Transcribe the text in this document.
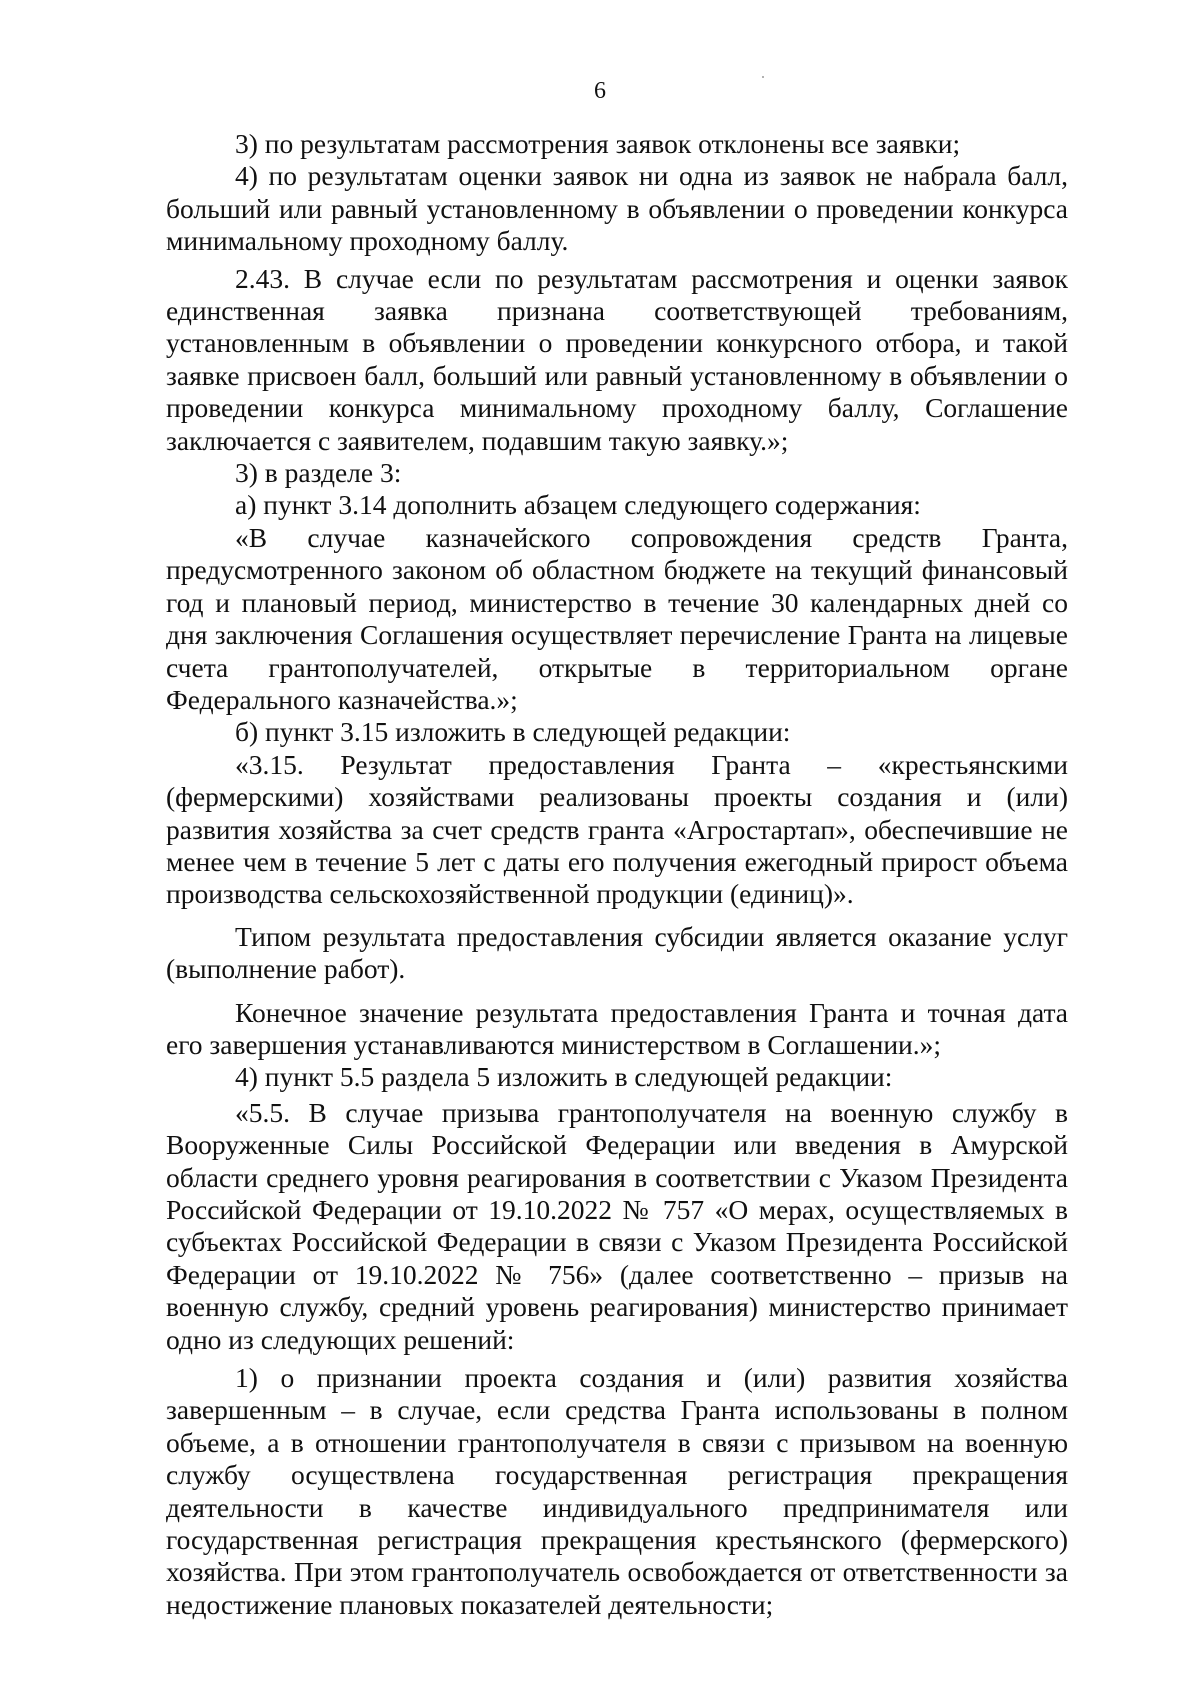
6

3) по результатам рассмотрения заявок отклонены все заявки;

4) по результатам оценки заявок ни одна из заявок не набрала балл, больший или равный установленному в объявлении о проведении конкурса минимальному проходному баллу.

2.43. В случае если по результатам рассмотрения и оценки заявок единственная заявка признана соответствующей требованиям, установленным в объявлении о проведении конкурсного отбора, и такой заявке присвоен балл, больший или равный установленному в объявлении о проведении конкурса минимальному проходному баллу, Соглашение заключается с заявителем, подавшим такую заявку.»;

3) в разделе 3:

а) пункт 3.14 дополнить абзацем следующего содержания:

«В случае казначейского сопровождения средств Гранта, предусмотренного законом об областном бюджете на текущий финансовый год и плановый период, министерство в течение 30 календарных дней со дня заключения Соглашения осуществляет перечисление Гранта на лицевые счета грантополучателей, открытые в территориальном органе Федерального казначейства.»;

б) пункт 3.15 изложить в следующей редакции:

«3.15. Результат предоставления Гранта – «крестьянскими (фермерскими) хозяйствами реализованы проекты создания и (или) развития хозяйства за счет средств гранта «Агростартап», обеспечившие не менее чем в течение 5 лет с даты его получения ежегодный прирост объема производства сельскохозяйственной продукции (единиц)».

Типом результата предоставления субсидии является оказание услуг (выполнение работ).

Конечное значение результата предоставления Гранта и точная дата его завершения устанавливаются министерством в Соглашении.»;

4) пункт 5.5 раздела 5 изложить в следующей редакции:

«5.5. В случае призыва грантополучателя на военную службу в Вооруженные Силы Российской Федерации или введения в Амурской области среднего уровня реагирования в соответствии с Указом Президента Российской Федерации от 19.10.2022 № 757 «О мерах, осуществляемых в субъектах Российской Федерации в связи с Указом Президента Российской Федерации от 19.10.2022 № 756» (далее соответственно – призыв на военную службу, средний уровень реагирования) министерство принимает одно из следующих решений:

1) о признании проекта создания и (или) развития хозяйства завершенным – в случае, если средства Гранта использованы в полном объеме, а в отношении грантополучателя в связи с призывом на военную службу осуществлена государственная регистрация прекращения деятельности в качестве индивидуального предпринимателя или государственная регистрация прекращения крестьянского (фермерского) хозяйства. При этом грантополучатель освобождается от ответственности за недостижение плановых показателей деятельности;
